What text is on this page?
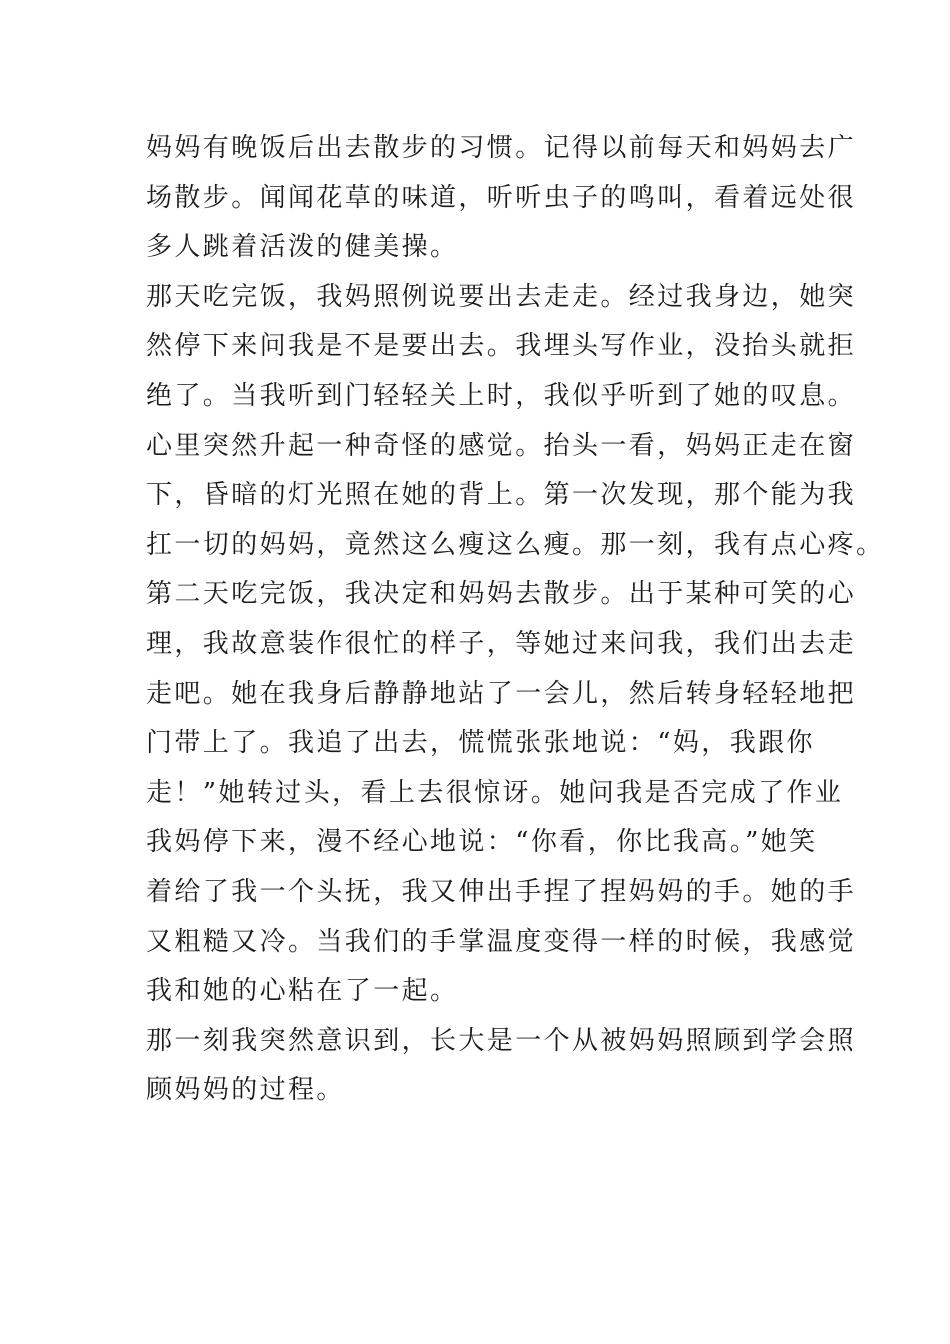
妈妈有晚饭后出去散步的习惯。记得以前每天和妈妈去广
场散步。闻闻花草的味道，听听虫子的鸣叫，看着远处很
多人跳着活泼的健美操。
那天吃完饭，我妈照例说要出去走走。经过我身边，她突
然停下来问我是不是要出去。我埋头写作业，没抬头就拒
绝了。当我听到门轻轻关上时，我似乎听到了她的叹息。
心里突然升起一种奇怪的感觉。抬头一看，妈妈正走在窗
下，昏暗的灯光照在她的背上。第一次发现，那个能为我
扛一切的妈妈，竟然这么瘦这么瘦。那一刻，我有点心疼。
第二天吃完饭，我决定和妈妈去散步。出于某种可笑的心
理，我故意装作很忙的样子，等她过来问我，我们出去走
走吧。她在我身后静静地站了一会儿，然后转身轻轻地把
门带上了。我追了出去，慌慌张张地说：“妈，我跟你
走！”她转过头，看上去很惊讶。她问我是否完成了作业
我妈停下来，漫不经心地说：“你看，你比我高。”她笑
着给了我一个头抚，我又伸出手捏了捏妈妈的手。她的手
又粗糙又冷。当我们的手掌温度变得一样的时候，我感觉
我和她的心粘在了一起。
那一刻我突然意识到，长大是一个从被妈妈照顾到学会照
顾妈妈的过程。
